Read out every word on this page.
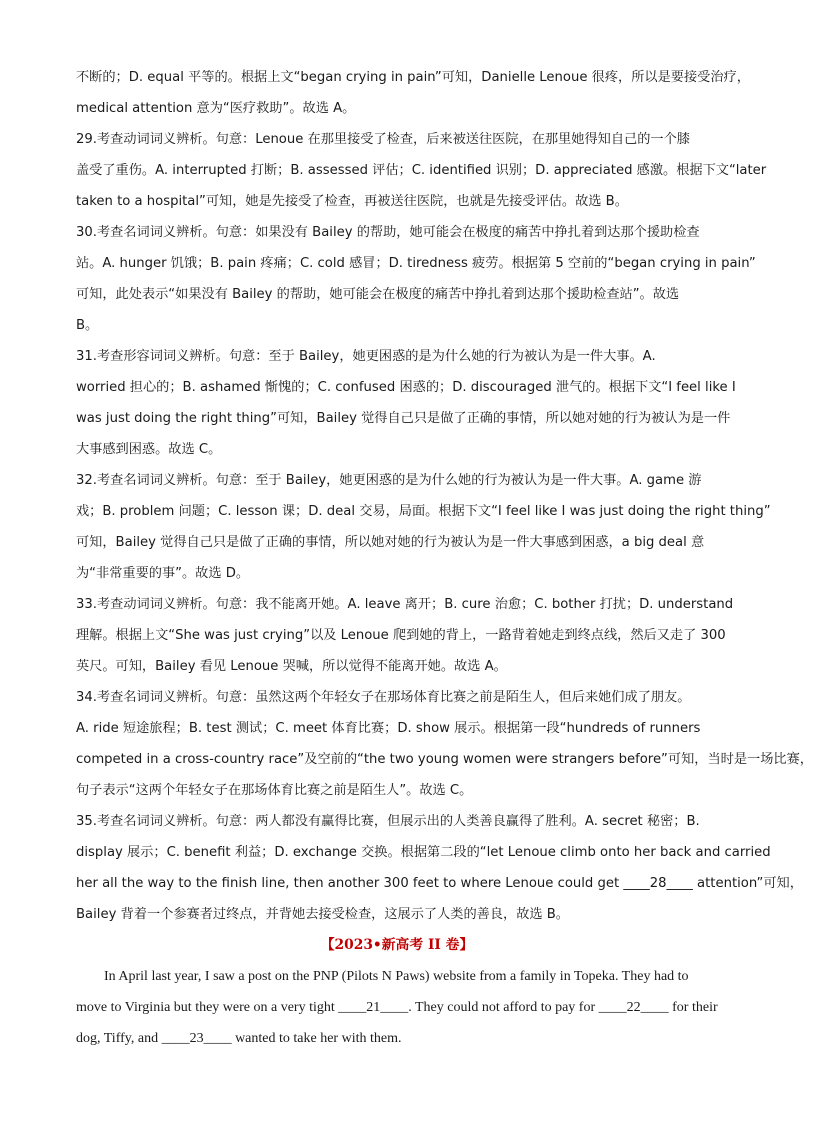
不断的；D. equal 平等的。根据上文“began crying in pain”可知，Danielle Lenoue 很疼，所以是要接受治疗，
medical attention 意为“医疗救助”。故选 A。
29.考查动词词义辨析。句意：Lenoue 在那里接受了检查，后来被送往医院，在那里她得知自己的一个膝
盖受了重伤。A. interrupted 打断；B. assessed 评估；C. identified 识别；D. appreciated 感激。根据下文“later
taken to a hospital”可知，她是先接受了检查，再被送往医院，也就是先接受评估。故选 B。
30.考查名词词义辨析。句意：如果没有 Bailey 的帮助，她可能会在极度的痛苦中挣扎着到达那个援助检查
站。A. hunger 饥饿；B. pain 疼痛；C. cold 感冒；D. tiredness 疲劳。根据第 5 空前的“began crying in pain”
可知，此处表示“如果没有 Bailey 的帮助，她可能会在极度的痛苦中挣扎着到达那个援助检查站”。故选
B。
31.考查形容词词义辨析。句意：至于 Bailey，她更困惑的是为什么她的行为被认为是一件大事。A.
worried 担心的；B. ashamed 惭愧的；C. confused 困惑的；D. discouraged 泄气的。根据下文“I feel like I
was just doing the right thing”可知，Bailey 觉得自己只是做了正确的事情，所以她对她的行为被认为是一件
大事感到困惑。故选 C。
32.考查名词词义辨析。句意：至于 Bailey，她更困惑的是为什么她的行为被认为是一件大事。A. game 游
戏；B. problem 问题；C. lesson 课；D. deal 交易，局面。根据下文“I feel like I was just doing the right thing”
可知，Bailey 觉得自己只是做了正确的事情，所以她对她的行为被认为是一件大事感到困惑，a big deal 意
为“非常重要的事”。故选 D。
33.考查动词词义辨析。句意：我不能离开她。A. leave 离开；B. cure 治愈；C. bother 打扰；D. understand
理解。根据上文“She was just crying”以及 Lenoue 爬到她的背上，一路背着她走到终点线，然后又走了 300
英尺。可知，Bailey 看见 Lenoue 哭喊，所以觉得不能离开她。故选 A。
34.考查名词词义辨析。句意：虽然这两个年轻女子在那场体育比赛之前是陌生人，但后来她们成了朋友。
A. ride 短途旅程；B. test 测试；C. meet 体育比赛；D. show 展示。根据第一段“hundreds of runners
competed in a cross-country race”及空前的“the two young women were strangers before”可知，当时是一场比赛，
句子表示“这两个年轻女子在那场体育比赛之前是陌生人”。故选 C。
35.考查名词词义辨析。句意：两人都没有赢得比赛，但展示出的人类善良赢得了胜利。A. secret 秘密；B.
display 展示；C. benefit 利益；D. exchange 交换。根据第二段的“let Lenoue climb onto her back and carried
her all the way to the finish line, then another 300 feet to where Lenoue could get ____28____ attention”可知，
Bailey 背着一个参赛者过终点，并背她去接受检查，这展示了人类的善良，故选 B。
【2023•新高考 II 卷】
In April last year, I saw a post on the PNP (Pilots N Paws) website from a family in Topeka. They had to
move to Virginia but they were on a very tight ____21____. They could not afford to pay for ____22____ for their
dog, Tiffy, and ____23____ wanted to take her with them.
